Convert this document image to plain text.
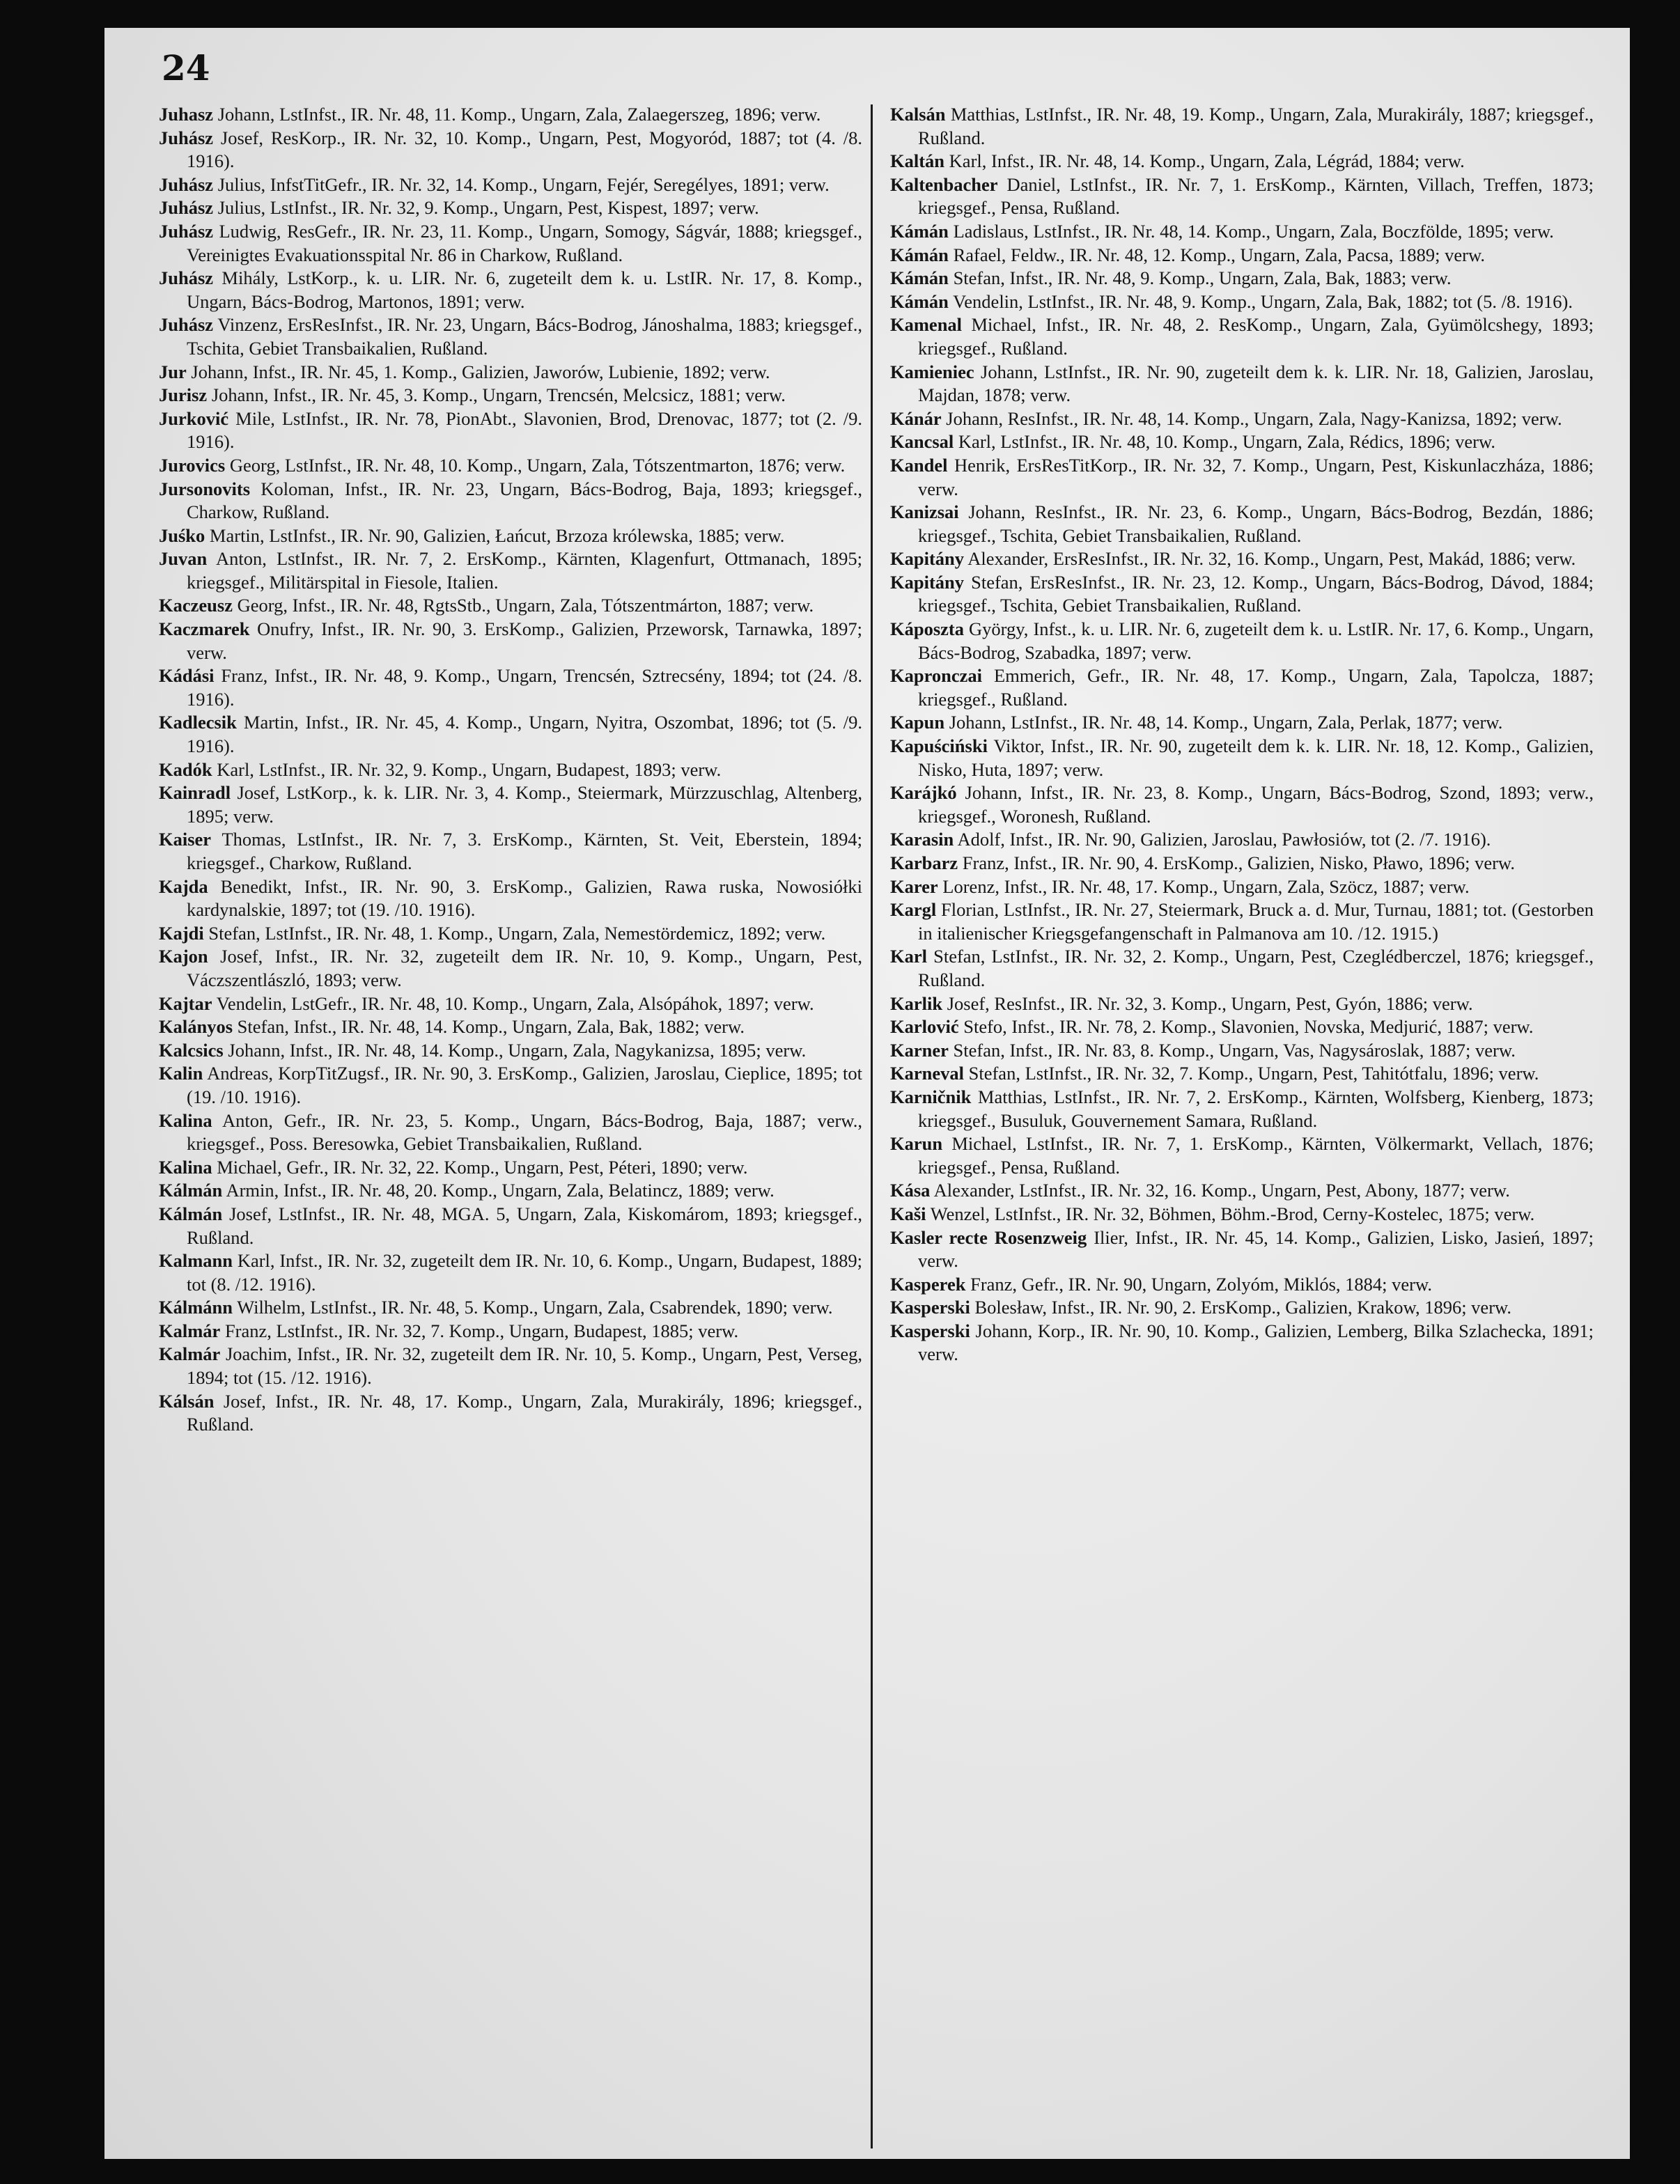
24

Juhasz Johann, LstInfst., IR. Nr. 48, 11. Komp., Ungarn, Zala, Zalaegerszeg, 1896; verw.

Juhász Josef, ResKorp., IR. Nr. 32, 10. Komp., Ungarn, Pest, Mogyoród, 1887; tot (4. /8. 1916).

Juhász Julius, InfstTitGefr., IR. Nr. 32, 14. Komp., Ungarn, Fejér, Seregélyes, 1891; verw.

Juhász Julius, LstInfst., IR. Nr. 32, 9. Komp., Ungarn, Pest, Kispest, 1897; verw.

Juhász Ludwig, ResGefr., IR. Nr. 23, 11. Komp., Ungarn, Somogy, Ságvár, 1888; kriegsgef., Vereinigtes Evakuationsspital Nr. 86 in Charkow, Rußland.

Juhász Mihály, LstKorp., k. u. LIR. Nr. 6, zugeteilt dem k. u. LstIR. Nr. 17, 8. Komp., Ungarn, Bács-Bodrog, Martonos, 1891; verw.

Juhász Vinzenz, ErsResInfst., IR. Nr. 23, Ungarn, Bács-Bodrog, Jánoshalma, 1883; kriegsgef., Tschita, Gebiet Transbaikalien, Rußland.

Jur Johann, Infst., IR. Nr. 45, 1. Komp., Galizien, Jaworów, Lubienie, 1892; verw.

Jurisz Johann, Infst., IR. Nr. 45, 3. Komp., Ungarn, Trencsén, Melcsicz, 1881; verw.

Jurković Mile, LstInfst., IR. Nr. 78, PionAbt., Slavonien, Brod, Drenovac, 1877; tot (2. /9. 1916).

Jurovics Georg, LstInfst., IR. Nr. 48, 10. Komp., Ungarn, Zala, Tótszentmarton, 1876; verw.

Jursonovits Koloman, Infst., IR. Nr. 23, Ungarn, Bács-Bodrog, Baja, 1893; kriegsgef., Charkow, Rußland.

Juśko Martin, LstInfst., IR. Nr. 90, Galizien, Łańcut, Brzoza królewska, 1885; verw.

Juvan Anton, LstInfst., IR. Nr. 7, 2. ErsKomp., Kärnten, Klagenfurt, Ottmanach, 1895; kriegsgef., Militärspital in Fiesole, Italien.

Kaczeusz Georg, Infst., IR. Nr. 48, RgtsStb., Ungarn, Zala, Tótszentmárton, 1887; verw.

Kaczmarek Onufry, Infst., IR. Nr. 90, 3. ErsKomp., Galizien, Przeworsk, Tarnawka, 1897; verw.

Kádási Franz, Infst., IR. Nr. 48, 9. Komp., Ungarn, Trencsén, Sztrecsény, 1894; tot (24. /8. 1916).

Kadlecsik Martin, Infst., IR. Nr. 45, 4. Komp., Ungarn, Nyitra, Oszombat, 1896; tot (5. /9. 1916).

Kadók Karl, LstInfst., IR. Nr. 32, 9. Komp., Ungarn, Budapest, 1893; verw.

Kainradl Josef, LstKorp., k. k. LIR. Nr. 3, 4. Komp., Steiermark, Mürzzuschlag, Altenberg, 1895; verw.

Kaiser Thomas, LstInfst., IR. Nr. 7, 3. ErsKomp., Kärnten, St. Veit, Eberstein, 1894; kriegsgef., Charkow, Rußland.

Kajda Benedikt, Infst., IR. Nr. 90, 3. ErsKomp., Galizien, Rawa ruska, Nowosiółki kardynalskie, 1897; tot (19. /10. 1916).

Kajdi Stefan, LstInfst., IR. Nr. 48, 1. Komp., Ungarn, Zala, Nemestördemicz, 1892; verw.

Kajon Josef, Infst., IR. Nr. 32, zugeteilt dem IR. Nr. 10, 9. Komp., Ungarn, Pest, Váczszentlászló, 1893; verw.

Kajtar Vendelin, LstGefr., IR. Nr. 48, 10. Komp., Ungarn, Zala, Alsópáhok, 1897; verw.

Kalányos Stefan, Infst., IR. Nr. 48, 14. Komp., Ungarn, Zala, Bak, 1882; verw.

Kalcsics Johann, Infst., IR. Nr. 48, 14. Komp., Ungarn, Zala, Nagykanizsa, 1895; verw.

Kalin Andreas, KorpTitZugsf., IR. Nr. 90, 3. ErsKomp., Galizien, Jaroslau, Cieplice, 1895; tot (19. /10. 1916).

Kalina Anton, Gefr., IR. Nr. 23, 5. Komp., Ungarn, Bács-Bodrog, Baja, 1887; verw., kriegsgef., Poss. Beresowka, Gebiet Transbaikalien, Rußland.

Kalina Michael, Gefr., IR. Nr. 32, 22. Komp., Ungarn, Pest, Péteri, 1890; verw.

Kálmán Armin, Infst., IR. Nr. 48, 20. Komp., Ungarn, Zala, Belatincz, 1889; verw.

Kálmán Josef, LstInfst., IR. Nr. 48, MGA. 5, Ungarn, Zala, Kiskomárom, 1893; kriegsgef., Rußland.

Kalmann Karl, Infst., IR. Nr. 32, zugeteilt dem IR. Nr. 10, 6. Komp., Ungarn, Budapest, 1889; tot (8. /12. 1916).

Kálmánn Wilhelm, LstInfst., IR. Nr. 48, 5. Komp., Ungarn, Zala, Csabrendek, 1890; verw.

Kalmár Franz, LstInfst., IR. Nr. 32, 7. Komp., Ungarn, Budapest, 1885; verw.

Kalmár Joachim, Infst., IR. Nr. 32, zugeteilt dem IR. Nr. 10, 5. Komp., Ungarn, Pest, Verseg, 1894; tot (15. /12. 1916).

Kálsán Josef, Infst., IR. Nr. 48, 17. Komp., Ungarn, Zala, Murakirály, 1896; kriegsgef., Rußland.

Kalsán Matthias, LstInfst., IR. Nr. 48, 19. Komp., Ungarn, Zala, Murakirály, 1887; kriegsgef., Rußland.

Kaltán Karl, Infst., IR. Nr. 48, 14. Komp., Ungarn, Zala, Légrád, 1884; verw.

Kaltenbacher Daniel, LstInfst., IR. Nr. 7, 1. ErsKomp., Kärnten, Villach, Treffen, 1873; kriegsgef., Pensa, Rußland.

Kámán Ladislaus, LstInfst., IR. Nr. 48, 14. Komp., Ungarn, Zala, Boczfölde, 1895; verw.

Kámán Rafael, Feldw., IR. Nr. 48, 12. Komp., Ungarn, Zala, Pacsa, 1889; verw.

Kámán Stefan, Infst., IR. Nr. 48, 9. Komp., Ungarn, Zala, Bak, 1883; verw.

Kámán Vendelin, LstInfst., IR. Nr. 48, 9. Komp., Ungarn, Zala, Bak, 1882; tot (5. /8. 1916).

Kamenal Michael, Infst., IR. Nr. 48, 2. ResKomp., Ungarn, Zala, Gyümölcshegy, 1893; kriegsgef., Rußland.

Kamieniec Johann, LstInfst., IR. Nr. 90, zugeteilt dem k. k. LIR. Nr. 18, Galizien, Jaroslau, Majdan, 1878; verw.

Kánár Johann, ResInfst., IR. Nr. 48, 14. Komp., Ungarn, Zala, Nagy-Kanizsa, 1892; verw.

Kancsal Karl, LstInfst., IR. Nr. 48, 10. Komp., Ungarn, Zala, Rédics, 1896; verw.

Kandel Henrik, ErsResTitKorp., IR. Nr. 32, 7. Komp., Ungarn, Pest, Kiskunlaczháza, 1886; verw.

Kanizsai Johann, ResInfst., IR. Nr. 23, 6. Komp., Ungarn, Bács-Bodrog, Bezdán, 1886; kriegsgef., Tschita, Gebiet Transbaikalien, Rußland.

Kapitány Alexander, ErsResInfst., IR. Nr. 32, 16. Komp., Ungarn, Pest, Makád, 1886; verw.

Kapitány Stefan, ErsResInfst., IR. Nr. 23, 12. Komp., Ungarn, Bács-Bodrog, Dávod, 1884; kriegsgef., Tschita, Gebiet Transbaikalien, Rußland.

Káposzta György, Infst., k. u. LIR. Nr. 6, zugeteilt dem k. u. LstIR. Nr. 17, 6. Komp., Ungarn, Bács-Bodrog, Szabadka, 1897; verw.

Kapronczai Emmerich, Gefr., IR. Nr. 48, 17. Komp., Ungarn, Zala, Tapolcza, 1887; kriegsgef., Rußland.

Kapun Johann, LstInfst., IR. Nr. 48, 14. Komp., Ungarn, Zala, Perlak, 1877; verw.

Kapuściński Viktor, Infst., IR. Nr. 90, zugeteilt dem k. k. LIR. Nr. 18, 12. Komp., Galizien, Nisko, Huta, 1897; verw.

Karájkó Johann, Infst., IR. Nr. 23, 8. Komp., Ungarn, Bács-Bodrog, Szond, 1893; verw., kriegsgef., Woronesh, Rußland.

Karasin Adolf, Infst., IR. Nr. 90, Galizien, Jaroslau, Pawłosiów, tot (2. /7. 1916).

Karbarz Franz, Infst., IR. Nr. 90, 4. ErsKomp., Galizien, Nisko, Pławo, 1896; verw.

Karer Lorenz, Infst., IR. Nr. 48, 17. Komp., Ungarn, Zala, Szöcz, 1887; verw.

Kargl Florian, LstInfst., IR. Nr. 27, Steiermark, Bruck a. d. Mur, Turnau, 1881; tot. (Gestorben in italienischer Kriegsgefangenschaft in Palmanova am 10. /12. 1915.)

Karl Stefan, LstInfst., IR. Nr. 32, 2. Komp., Ungarn, Pest, Czeglédberczel, 1876; kriegsgef., Rußland.

Karlik Josef, ResInfst., IR. Nr. 32, 3. Komp., Ungarn, Pest, Gyón, 1886; verw.

Karlović Stefo, Infst., IR. Nr. 78, 2. Komp., Slavonien, Novska, Medjurić, 1887; verw.

Karner Stefan, Infst., IR. Nr. 83, 8. Komp., Ungarn, Vas, Nagysároslak, 1887; verw.

Karneval Stefan, LstInfst., IR. Nr. 32, 7. Komp., Ungarn, Pest, Tahitótfalu, 1896; verw.

Karničnik Matthias, LstInfst., IR. Nr. 7, 2. ErsKomp., Kärnten, Wolfsberg, Kienberg, 1873; kriegsgef., Busuluk, Gouvernement Samara, Rußland.

Karun Michael, LstInfst., IR. Nr. 7, 1. ErsKomp., Kärnten, Völkermarkt, Vellach, 1876; kriegsgef., Pensa, Rußland.

Kása Alexander, LstInfst., IR. Nr. 32, 16. Komp., Ungarn, Pest, Abony, 1877; verw.

Kaši Wenzel, LstInfst., IR. Nr. 32, Böhmen, Böhm.-Brod, Cerny-Kostelec, 1875; verw.

Kasler recte Rosenzweig Ilier, Infst., IR. Nr. 45, 14. Komp., Galizien, Lisko, Jasień, 1897; verw.

Kasperek Franz, Gefr., IR. Nr. 90, Ungarn, Zolyóm, Miklós, 1884; verw.

Kasperski Bolesław, Infst., IR. Nr. 90, 2. ErsKomp., Galizien, Krakow, 1896; verw.

Kasperski Johann, Korp., IR. Nr. 90, 10. Komp., Galizien, Lemberg, Bilka Szlachecka, 1891; verw.
